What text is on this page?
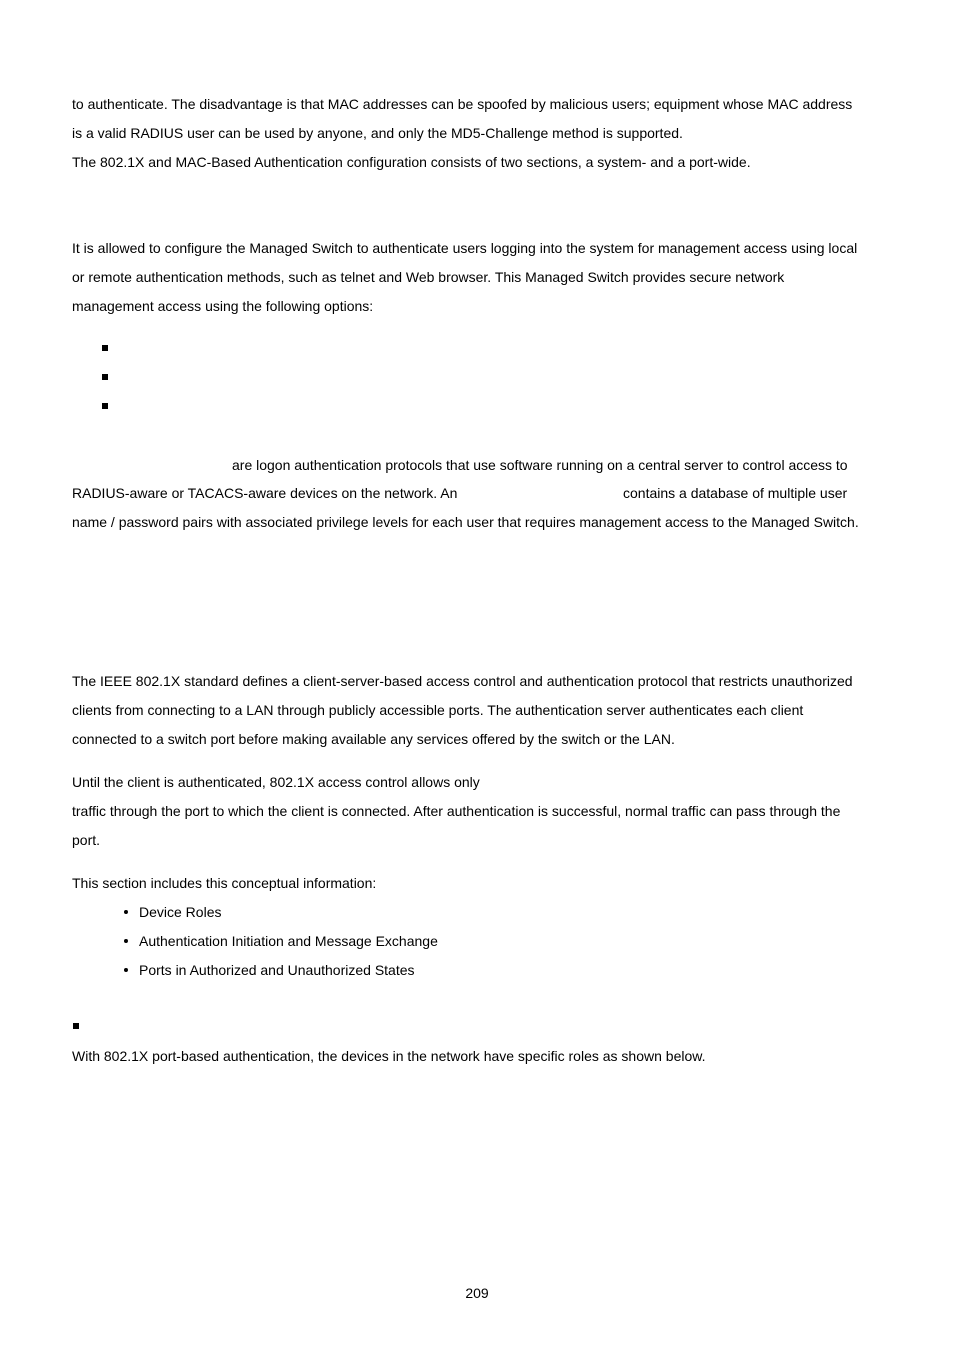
to authenticate. The disadvantage is that MAC addresses can be spoofed by malicious users; equipment whose MAC address
is a valid RADIUS user can be used by anyone, and only the MD5-Challenge method is supported.
The 802.1X and MAC-Based Authentication configuration consists of two sections, a system- and a port-wide.
It is allowed to configure the Managed Switch to authenticate users logging into the system for management access using local
or remote authentication methods, such as telnet and Web browser. This Managed Switch provides secure network
management access using the following options:
are logon authentication protocols that use software running on a central server to control access to
RADIUS-aware or TACACS-aware devices on the network. An	contains a database of multiple user
name / password pairs with associated privilege levels for each user that requires management access to the Managed Switch.
The IEEE 802.1X standard defines a client-server-based access control and authentication protocol that restricts unauthorized
clients from connecting to a LAN through publicly accessible ports. The authentication server authenticates each client
connected to a switch port before making available any services offered by the switch or the LAN.
Until the client is authenticated, 802.1X access control allows only
traffic through the port to which the client is connected. After authentication is successful, normal traffic can pass through the
port.
This section includes this conceptual information:
Device Roles
Authentication Initiation and Message Exchange
Ports in Authorized and Unauthorized States
With 802.1X port-based authentication, the devices in the network have specific roles as shown below.
209
